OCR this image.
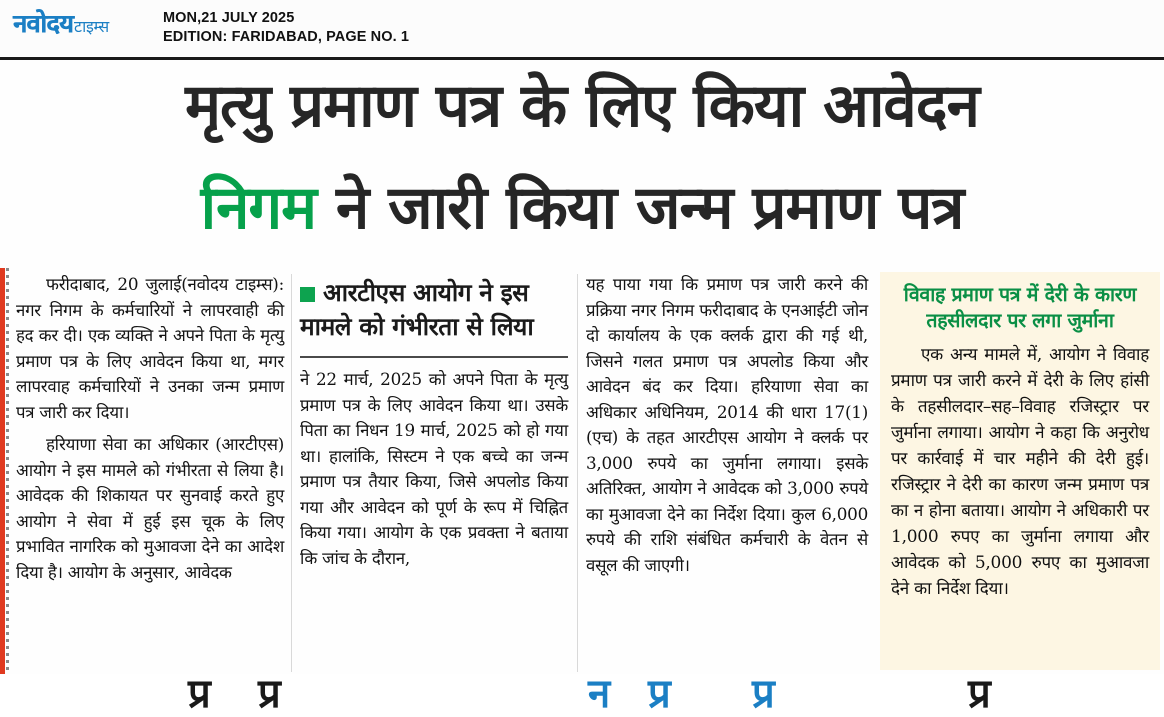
नवोदय टाइम्स	MON,21 JULY 2025
EDITION: FARIDABAD, PAGE NO. 1
मृत्यु प्रमाण पत्र के लिए किया आवेदन
निगम ने जारी किया जन्म प्रमाण पत्र

फरीदाबाद, 20 जुलाई(नवोदय टाइम्स): नगर निगम के कर्मचारियों ने लापरवाही की हद कर दी। एक व्यक्ति ने अपने पिता के मृत्यु प्रमाण पत्र के लिए आवेदन किया था, मगर लापरवाह कर्मचारियों ने उनका जन्म प्रमाण पत्र जारी कर दिया।

हरियाणा सेवा का अधिकार (आरटीएस) आयोग ने इस मामले को गंभीरता से लिया है। आवेदक की शिकायत पर सुनवाई करते हुए आयोग ने सेवा में हुई इस चूक के लिए प्रभावित नागरिक को मुआवजा देने का आदेश दिया है। आयोग के अनुसार, आवेदक

आरटीएस आयोग ने इस मामले को गंभीरता से लिया

ने 22 मार्च, 2025 को अपने पिता के मृत्यु प्रमाण पत्र के लिए आवेदन किया था। उसके पिता का निधन 19 मार्च, 2025 को हो गया था। हालांकि, सिस्टम ने एक बच्चे का जन्म प्रमाण पत्र तैयार किया, जिसे अपलोड किया गया और आवेदन को पूर्ण के रूप में चिह्नित किया गया। आयोग के एक प्रवक्ता ने बताया कि जांच के दौरान,

यह पाया गया कि प्रमाण पत्र जारी करने की प्रक्रिया नगर निगम फरीदाबाद के एनआईटी जोन दो कार्यालय के एक क्लर्क द्वारा की गई थी, जिसने गलत प्रमाण पत्र अपलोड किया और आवेदन बंद कर दिया। हरियाणा सेवा का अधिकार अधिनियम, 2014 की धारा 17(1)(एच) के तहत आरटीएस आयोग ने क्लर्क पर 3,000 रुपये का जुर्माना लगाया। इसके अतिरिक्त, आयोग ने आवेदक को 3,000 रुपये का मुआवजा देने का निर्देश दिया। कुल 6,000 रुपये की राशि संबंधित कर्मचारी के वेतन से वसूल की जाएगी।

विवाह प्रमाण पत्र में देरी के कारण तहसीलदार पर लगा जुर्माना

एक अन्य मामले में, आयोग ने विवाह प्रमाण पत्र जारी करने में देरी के लिए हांसी के तहसीलदार–सह–विवाह रजिस्ट्रार पर जुर्माना लगाया। आयोग ने कहा कि अनुरोध पर कार्रवाई में चार महीने की देरी हुई। रजिस्ट्रार ने देरी का कारण जन्म प्रमाण पत्र का न होना बताया। आयोग ने अधिकारी पर 1,000 रुपए का जुर्माना लगाया और आवेदक को 5,000 रुपए का मुआवजा देने का निर्देश दिया।

प्र प्र	न प्र प्र	प्र
